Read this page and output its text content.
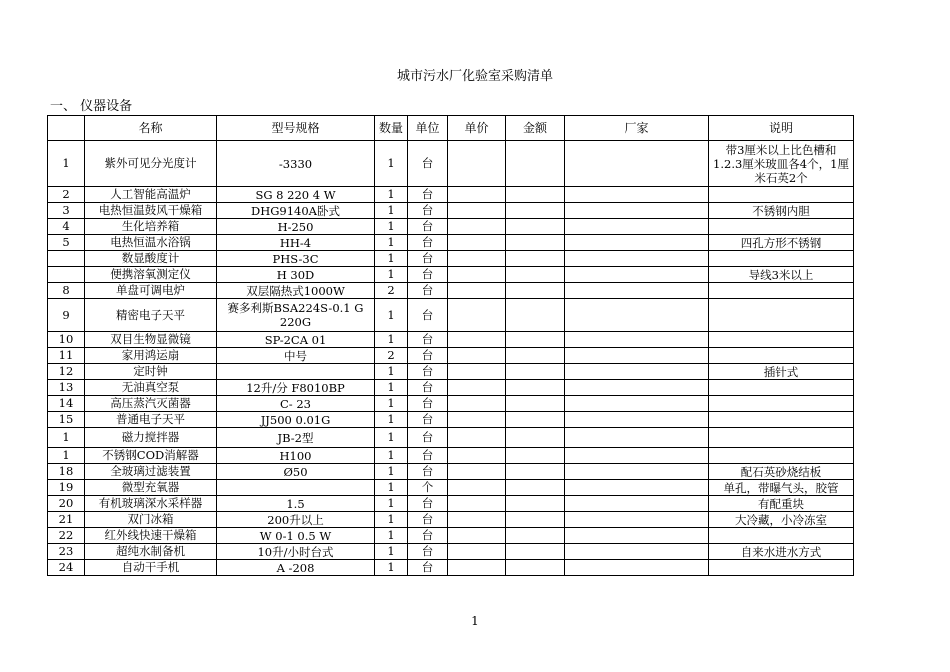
城市污水厂化验室采购清单
一、 仪器设备
	名称	型号规格	数量	单位	单价	金额	厂家	说明
1	紫外可见分光度计	-3330	1	台				带3厘米以上比色槽和1.2.3厘米玻皿各4个，1厘米石英2个
2	人工智能高温炉	SG 8 220 4 W	1	台				
3	电热恒温鼓风干燥箱	DHG9140A卧式	1	台				不锈钢内胆
4	生化培养箱	H-250	1	台				
5	电热恒温水浴锅	HH-4	1	台				四孔方形不锈钢
	数显酸度计	PHS-3C	1	台				
	便携溶氧测定仪	H 30D	1	台				导线3米以上
8	单盘可调电炉	双层隔热式1000W	2	台				
9	精密电子天平	赛多利斯BSA224S-0.1 G 220G	1	台				
10	双目生物显微镜	SP-2CA 01	1	台				
11	家用鸿运扇	中号	2	台				
12	定时钟		1	台				插针式
13	无油真空泵	12升/分 F8010BP	1	台				
14	高压蒸汽灭菌器	C- 23	1	台				
15	普通电子天平	JJ500 0.01G	1	台				
1	磁力搅拌器	JB-2型	1	台				
1	不锈钢COD消解器	H100	1	台				
18	全玻璃过滤装置	Ø50	1	台				配石英砂烧结板
19	微型充氧器		1	个				单孔，带曝气头，胶管
20	有机玻璃深水采样器	1.5	1	台				有配重块
21	双门冰箱	200升以上	1	台				大冷藏，小冷冻室
22	红外线快速干燥箱	W 0-1 0.5 W	1	台				
23	超纯水制备机	10升/小时台式	1	台				自来水进水方式
24	自动干手机	A -208	1	台				
1
